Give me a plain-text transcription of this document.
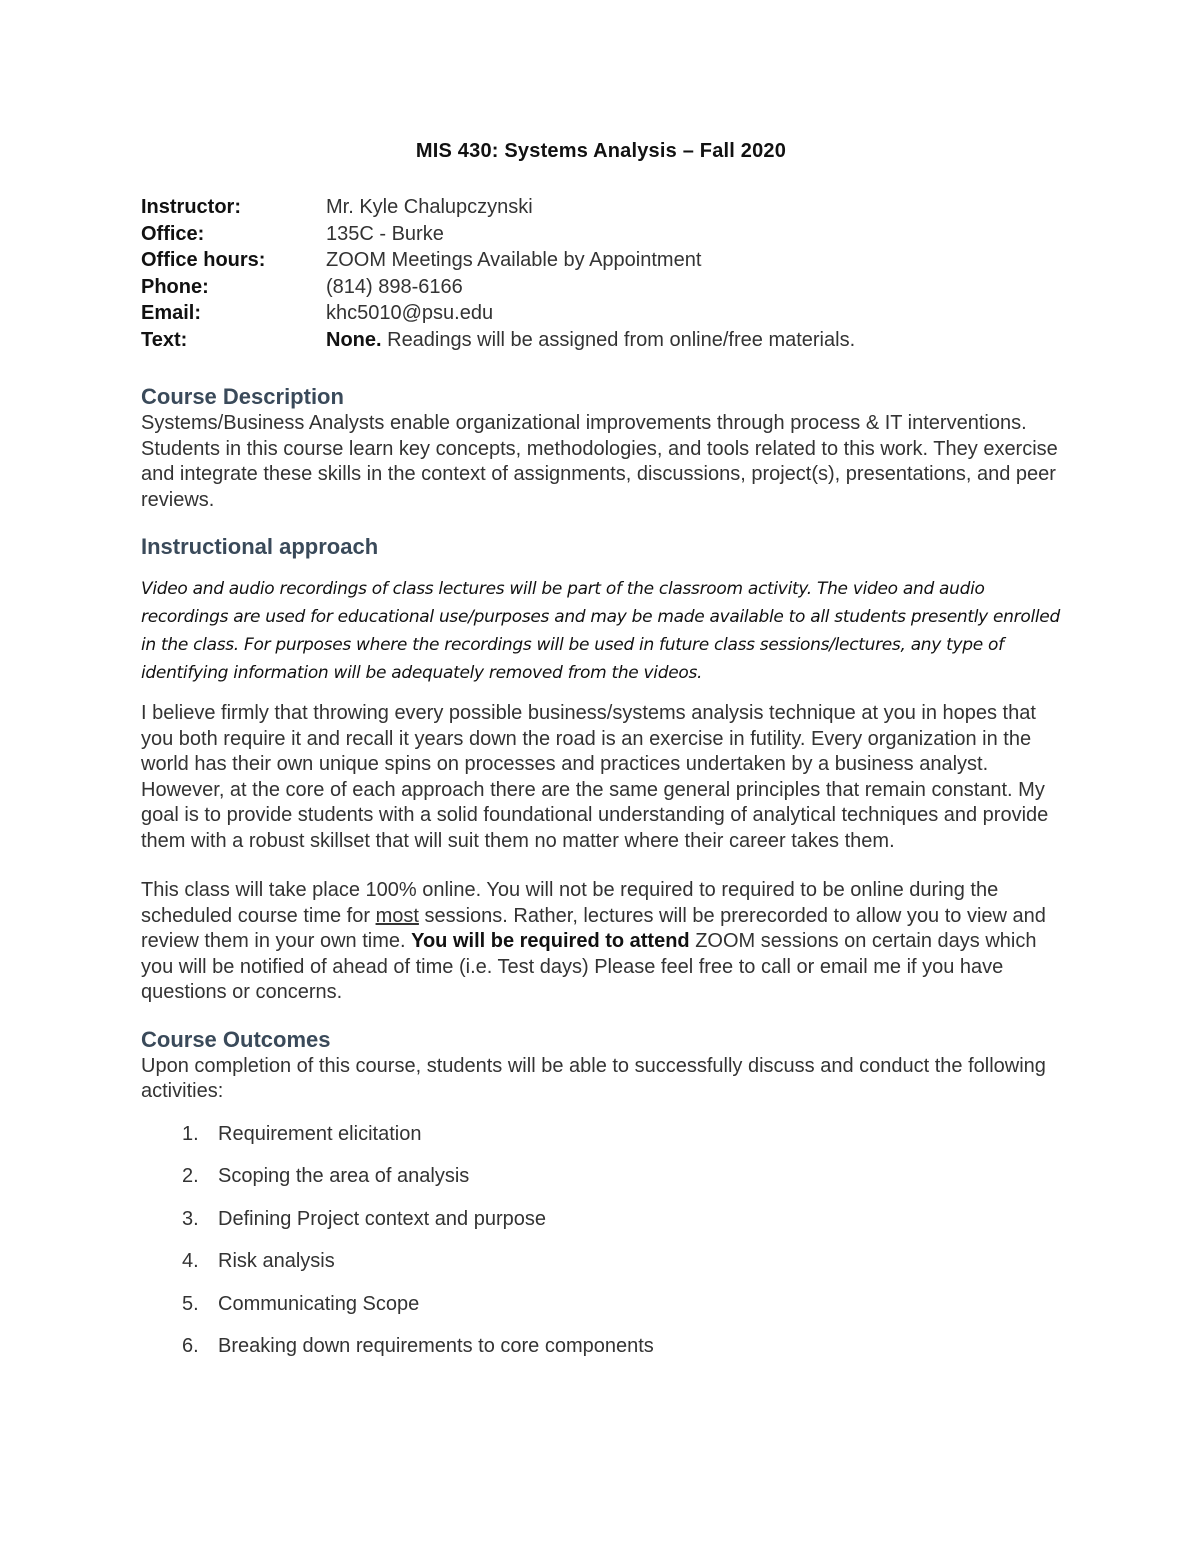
MIS 430: Systems Analysis – Fall 2020
Instructor:	Mr. Kyle Chalupczynski
Office:	135C - Burke
Office hours:	ZOOM Meetings Available by Appointment
Phone:	(814) 898-6166
Email:	khc5010@psu.edu
Text:	None. Readings will be assigned from online/free materials.
Course Description

Systems/Business Analysts enable organizational improvements through process & IT interventions. Students in this course learn key concepts, methodologies, and tools related to this work. They exercise and integrate these skills in the context of assignments, discussions, project(s), presentations, and peer reviews.

Instructional approach

Video and audio recordings of class lectures will be part of the classroom activity. The video and audio recordings are used for educational use/purposes and may be made available to all students presently enrolled in the class. For purposes where the recordings will be used in future class sessions/lectures, any type of identifying information will be adequately removed from the videos.

I believe firmly that throwing every possible business/systems analysis technique at you in hopes that you both require it and recall it years down the road is an exercise in futility. Every organization in the world has their own unique spins on processes and practices undertaken by a business analyst. However, at the core of each approach there are the same general principles that remain constant. My goal is to provide students with a solid foundational understanding of analytical techniques and provide them with a robust skillset that will suit them no matter where their career takes them.

This class will take place 100% online. You will not be required to required to be online during the scheduled course time for most sessions. Rather, lectures will be prerecorded to allow you to view and review them in your own time. You will be required to attend ZOOM sessions on certain days which you will be notified of ahead of time (i.e. Test days) Please feel free to call or email me if you have questions or concerns.

Course Outcomes

Upon completion of this course, students will be able to successfully discuss and conduct the following activities:

1. Requirement elicitation
2. Scoping the area of analysis
3. Defining Project context and purpose
4. Risk analysis
5. Communicating Scope
6. Breaking down requirements to core components
